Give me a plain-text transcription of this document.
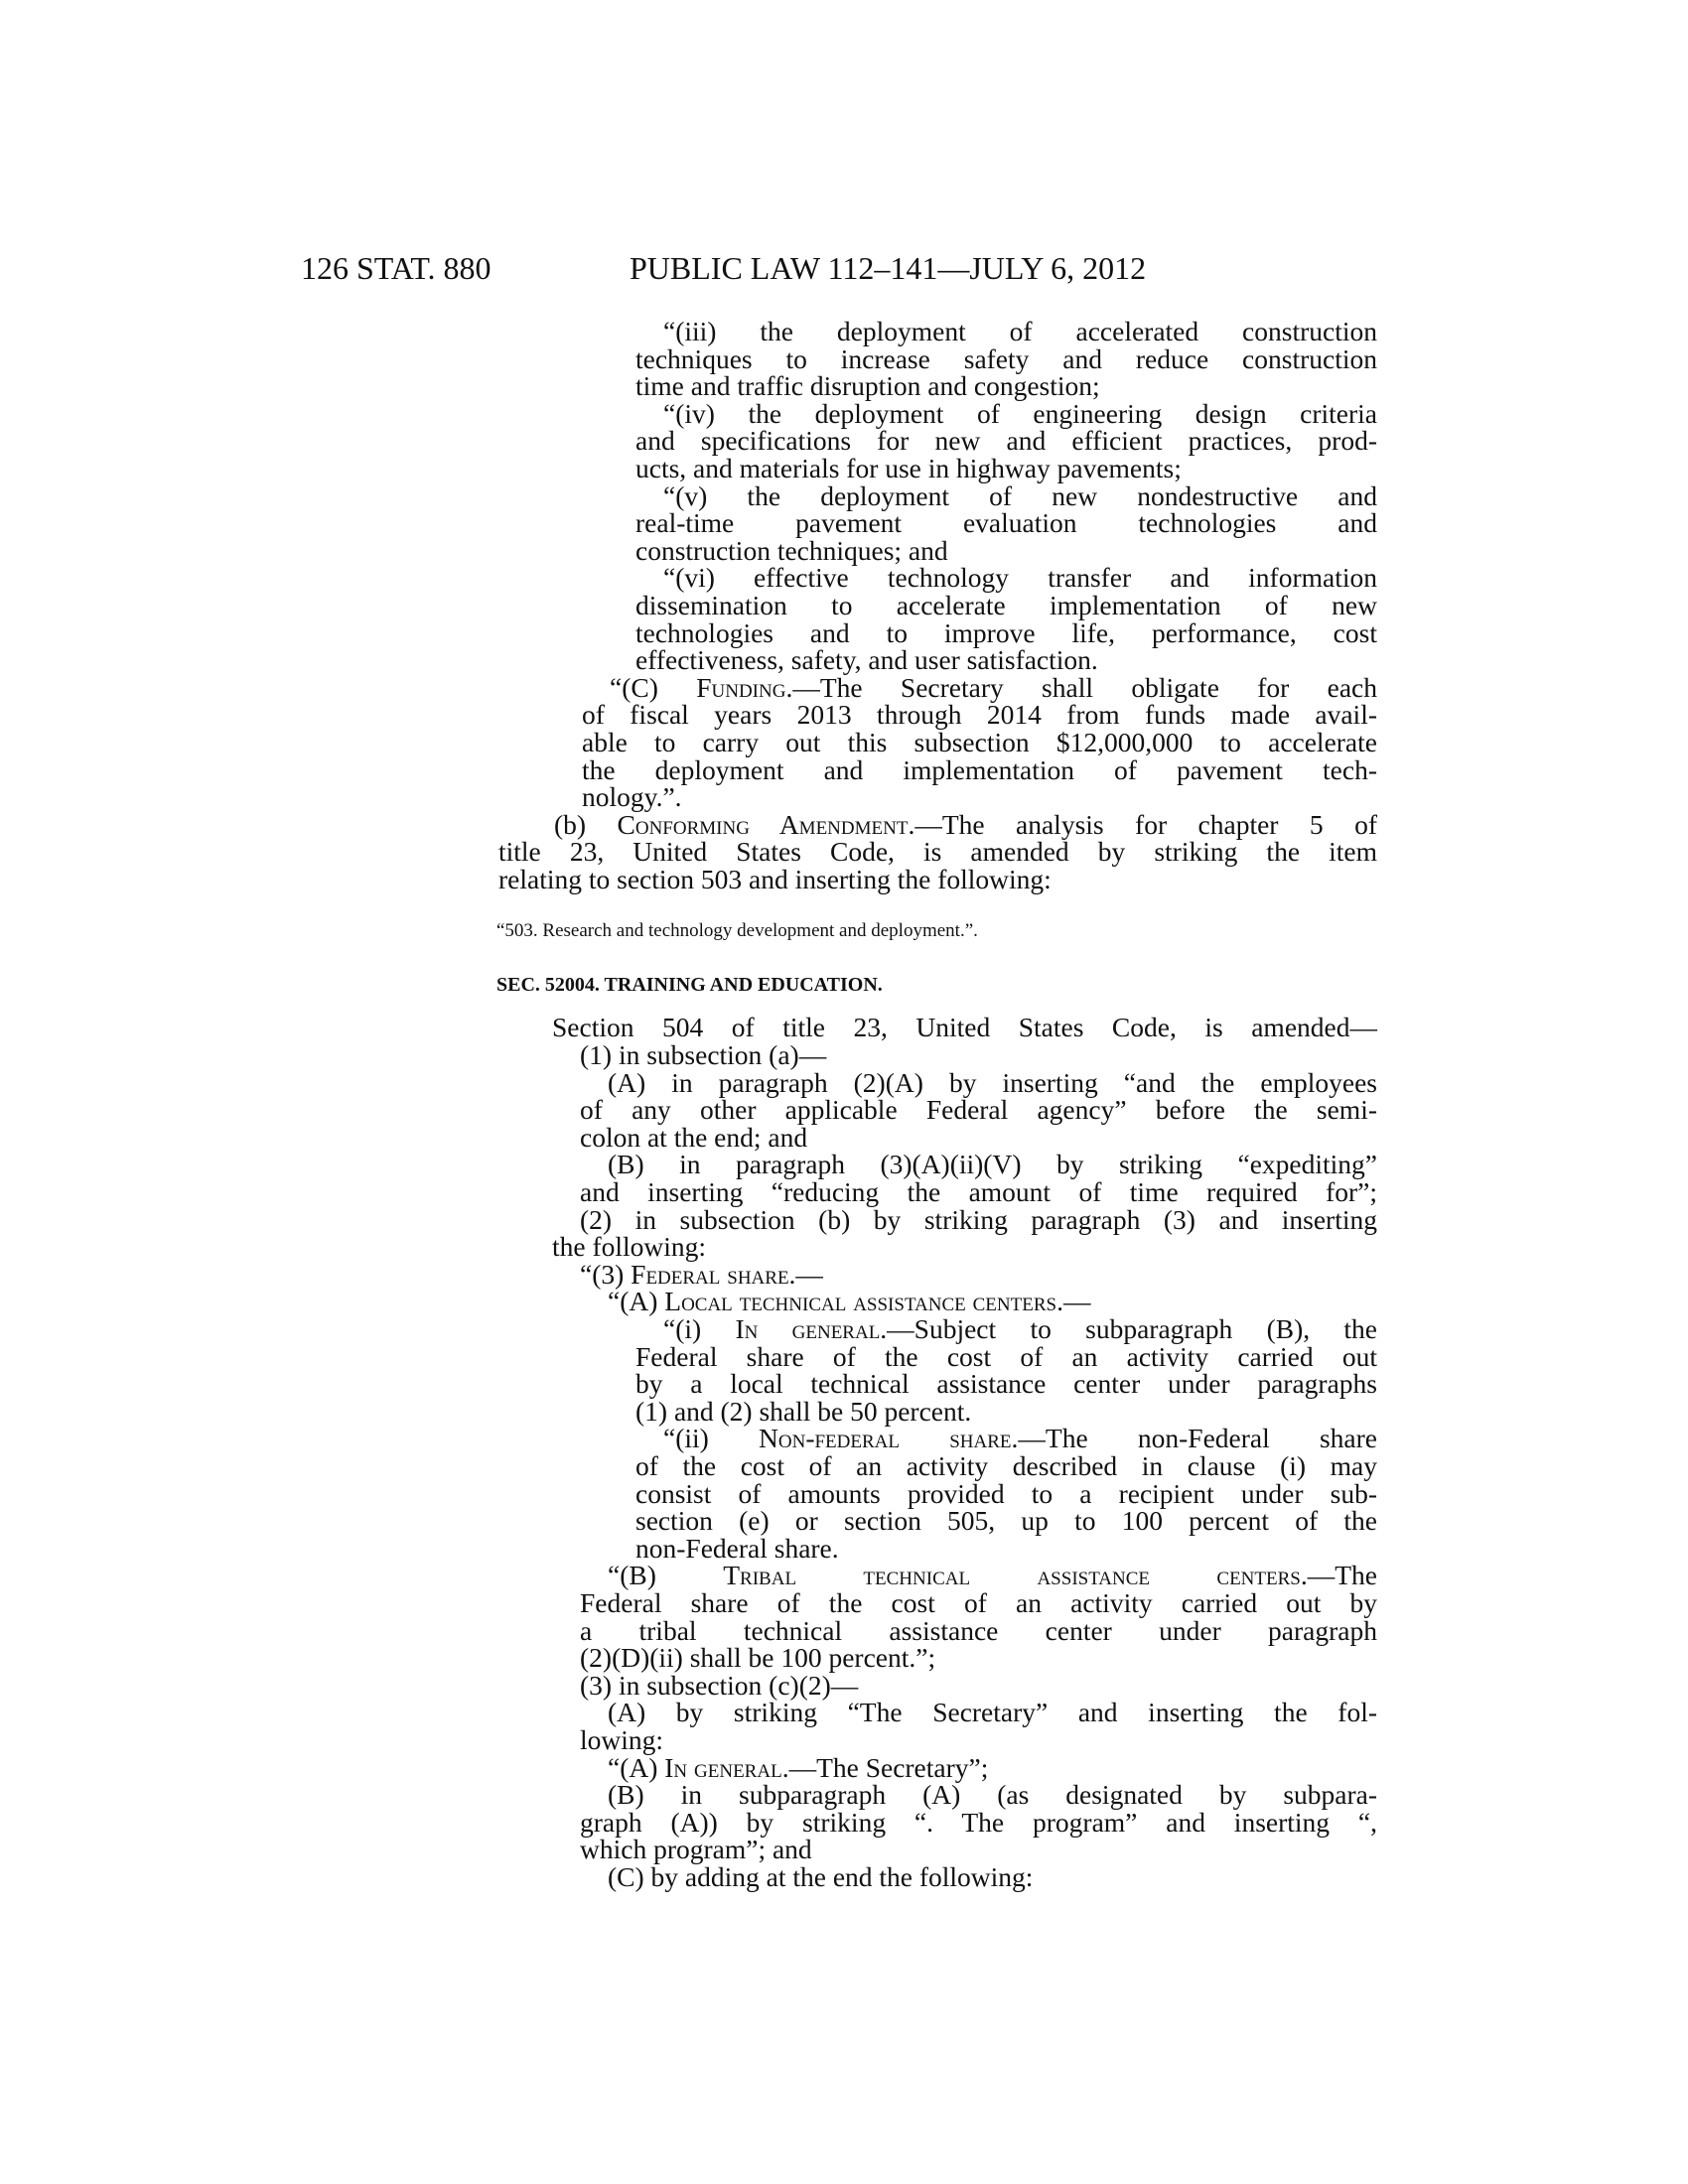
126 STAT. 880	PUBLIC LAW 112–141—JULY 6, 2012
“(iii) the deployment of accelerated construction
techniques to increase safety and reduce construction
time and traffic disruption and congestion;
“(iv) the deployment of engineering design criteria
and specifications for new and efficient practices, prod-
ucts, and materials for use in highway pavements;
“(v) the deployment of new nondestructive and
real-time pavement evaluation technologies and
construction techniques; and
“(vi) effective technology transfer and information
dissemination to accelerate implementation of new
technologies and to improve life, performance, cost
effectiveness, safety, and user satisfaction.
“(C) Funding.—The Secretary shall obligate for each
of fiscal years 2013 through 2014 from funds made avail-
able to carry out this subsection $12,000,000 to accelerate
the deployment and implementation of pavement tech-
nology.”.
(b) Conforming Amendment.—The analysis for chapter 5 of
title 23, United States Code, is amended by striking the item
relating to section 503 and inserting the following:
“503. Research and technology development and deployment.”.
SEC. 52004. TRAINING AND EDUCATION.
Section 504 of title 23, United States Code, is amended—
(1) in subsection (a)—
(A) in paragraph (2)(A) by inserting “and the employees
of any other applicable Federal agency” before the semi-
colon at the end; and
(B) in paragraph (3)(A)(ii)(V) by striking “expediting”
and inserting “reducing the amount of time required for”;
(2) in subsection (b) by striking paragraph (3) and inserting
the following:
“(3) Federal share.—
“(A) Local technical assistance centers.—
“(i) In general.—Subject to subparagraph (B), the
Federal share of the cost of an activity carried out
by a local technical assistance center under paragraphs
(1) and (2) shall be 50 percent.
“(ii) Non-federal share.—The non-Federal share
of the cost of an activity described in clause (i) may
consist of amounts provided to a recipient under sub-
section (e) or section 505, up to 100 percent of the
non-Federal share.
“(B) Tribal technical assistance centers.—The
Federal share of the cost of an activity carried out by
a tribal technical assistance center under paragraph
(2)(D)(ii) shall be 100 percent.”;
(3) in subsection (c)(2)—
(A) by striking “The Secretary” and inserting the fol-
lowing:
“(A) In general.—The Secretary”;
(B) in subparagraph (A) (as designated by subpara-
graph (A)) by striking “. The program” and inserting “,
which program”; and
(C) by adding at the end the following:
